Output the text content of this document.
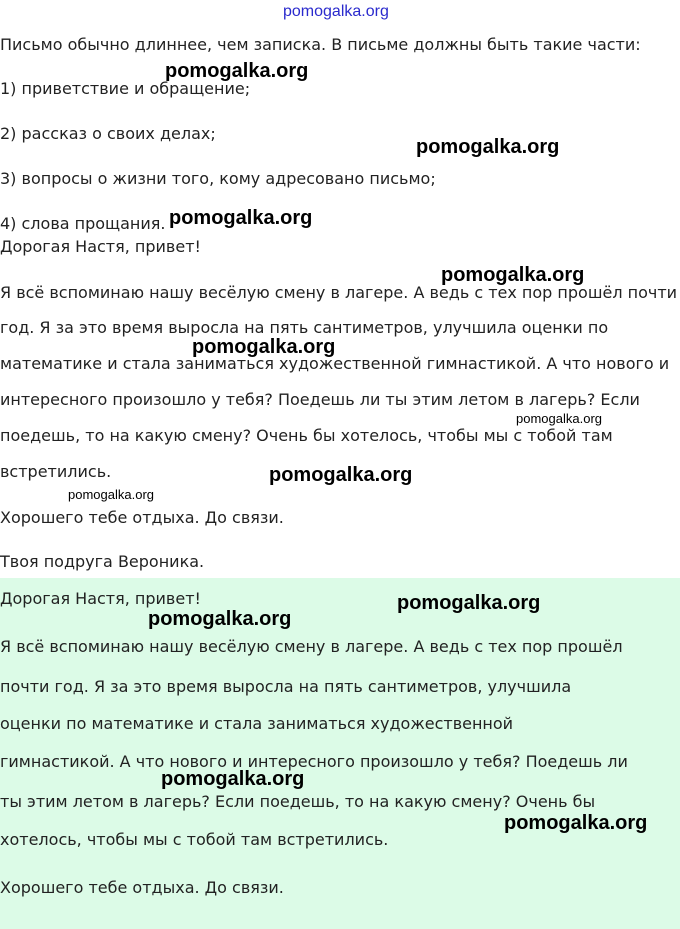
pomogalka.org

Письмо обычно длиннее, чем записка. В письме должны быть такие части:

1) приветствие и обращение;

2) рассказ о своих делах;

3) вопросы о жизни того, кому адресовано письмо;

4) слова прощания.

Дорогая Настя, привет!

Я всё вспоминаю нашу весёлую смену в лагере. А ведь с тех пор прошёл почти

год. Я за это время выросла на пять сантиметров, улучшила оценки по

математике и стала заниматься художественной гимнастикой. А что нового и

интересного произошло у тебя? Поедешь ли ты этим летом в лагерь? Если

поедешь, то на какую смену? Очень бы хотелось, чтобы мы с тобой там

встретились.

Хорошего тебе отдыха. До связи.

Твоя подруга Вероника.

Дорогая Настя, привет!

Я всё вспоминаю нашу весёлую смену в лагере. А ведь с тех пор прошёл

почти год. Я за это время выросла на пять сантиметров, улучшила

оценки по математике и стала заниматься художественной

гимнастикой. А что нового и интересного произошло у тебя? Поедешь ли

ты этим летом в лагерь? Если поедешь, то на какую смену? Очень бы

хотелось, чтобы мы с тобой там встретились.

Хорошего тебе отдыха. До связи.

pomogalka.org
pomogalka.org
pomogalka.org
pomogalka.org
pomogalka.org
pomogalka.org
pomogalka.org
pomogalka.org
pomogalka.org
pomogalka.org
pomogalka.org
pomogalka.org
